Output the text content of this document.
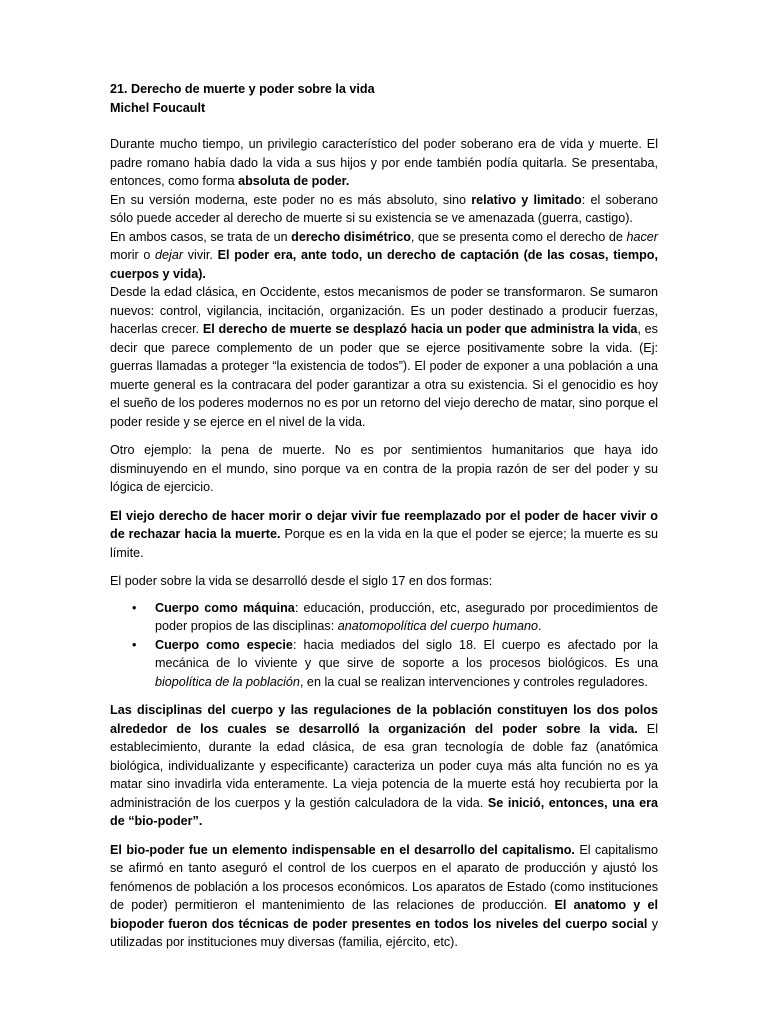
21. Derecho de muerte y poder sobre la vida

Michel Foucault

Durante mucho tiempo, un privilegio característico del poder soberano era de vida y muerte. El padre romano había dado la vida a sus hijos y por ende también podía quitarla. Se presentaba, entonces, como forma absoluta de poder.

En su versión moderna, este poder no es más absoluto, sino relativo y limitado: el soberano sólo puede acceder al derecho de muerte si su existencia se ve amenazada (guerra, castigo).

En ambos casos, se trata de un derecho disimétrico, que se presenta como el derecho de hacer morir o dejar vivir. El poder era, ante todo, un derecho de captación (de las cosas, tiempo, cuerpos y vida).

Desde la edad clásica, en Occidente, estos mecanismos de poder se transformaron. Se sumaron nuevos: control, vigilancia, incitación, organización. Es un poder destinado a producir fuerzas, hacerlas crecer. El derecho de muerte se desplazó hacia un poder que administra la vida, es decir que parece complemento de un poder que se ejerce positivamente sobre la vida. (Ej: guerras llamadas a proteger “la existencia de todos”). El poder de exponer a una población a una muerte general es la contracara del poder garantizar a otra su existencia. Si el genocidio es hoy el sueño de los poderes modernos no es por un retorno del viejo derecho de matar, sino porque el poder reside y se ejerce en el nivel de la vida.

Otro ejemplo: la pena de muerte. No es por sentimientos humanitarios que haya ido disminuyendo en el mundo, sino porque va en contra de la propia razón de ser del poder y su lógica de ejercicio.

El viejo derecho de hacer morir o dejar vivir fue reemplazado por el poder de hacer vivir o de rechazar hacia la muerte. Porque es en la vida en la que el poder se ejerce; la muerte es su límite.

El poder sobre la vida se desarrolló desde el siglo 17 en dos formas:

• Cuerpo como máquina: educación, producción, etc, asegurado por procedimientos de poder propios de las disciplinas: anatomopolítica del cuerpo humano.
• Cuerpo como especie: hacia mediados del siglo 18. El cuerpo es afectado por la mecánica de lo viviente y que sirve de soporte a los procesos biológicos. Es una biopolítica de la población, en la cual se realizan intervenciones y controles reguladores.

Las disciplinas del cuerpo y las regulaciones de la población constituyen los dos polos alrededor de los cuales se desarrolló la organización del poder sobre la vida. El establecimiento, durante la edad clásica, de esa gran tecnología de doble faz (anatómica biológica, individualizante y especificante) caracteriza un poder cuya más alta función no es ya matar sino invadirla vida enteramente. La vieja potencia de la muerte está hoy recubierta por la administración de los cuerpos y la gestión calculadora de la vida. Se inició, entonces, una era de “bio-poder”.

El bio-poder fue un elemento indispensable en el desarrollo del capitalismo. El capitalismo se afirmó en tanto aseguró el control de los cuerpos en el aparato de producción y ajustó los fenómenos de población a los procesos económicos. Los aparatos de Estado (como instituciones de poder) permitieron el mantenimiento de las relaciones de producción. El anatomo y el biopoder fueron dos técnicas de poder presentes en todos los niveles del cuerpo social y utilizadas por instituciones muy diversas (familia, ejército, etc).
